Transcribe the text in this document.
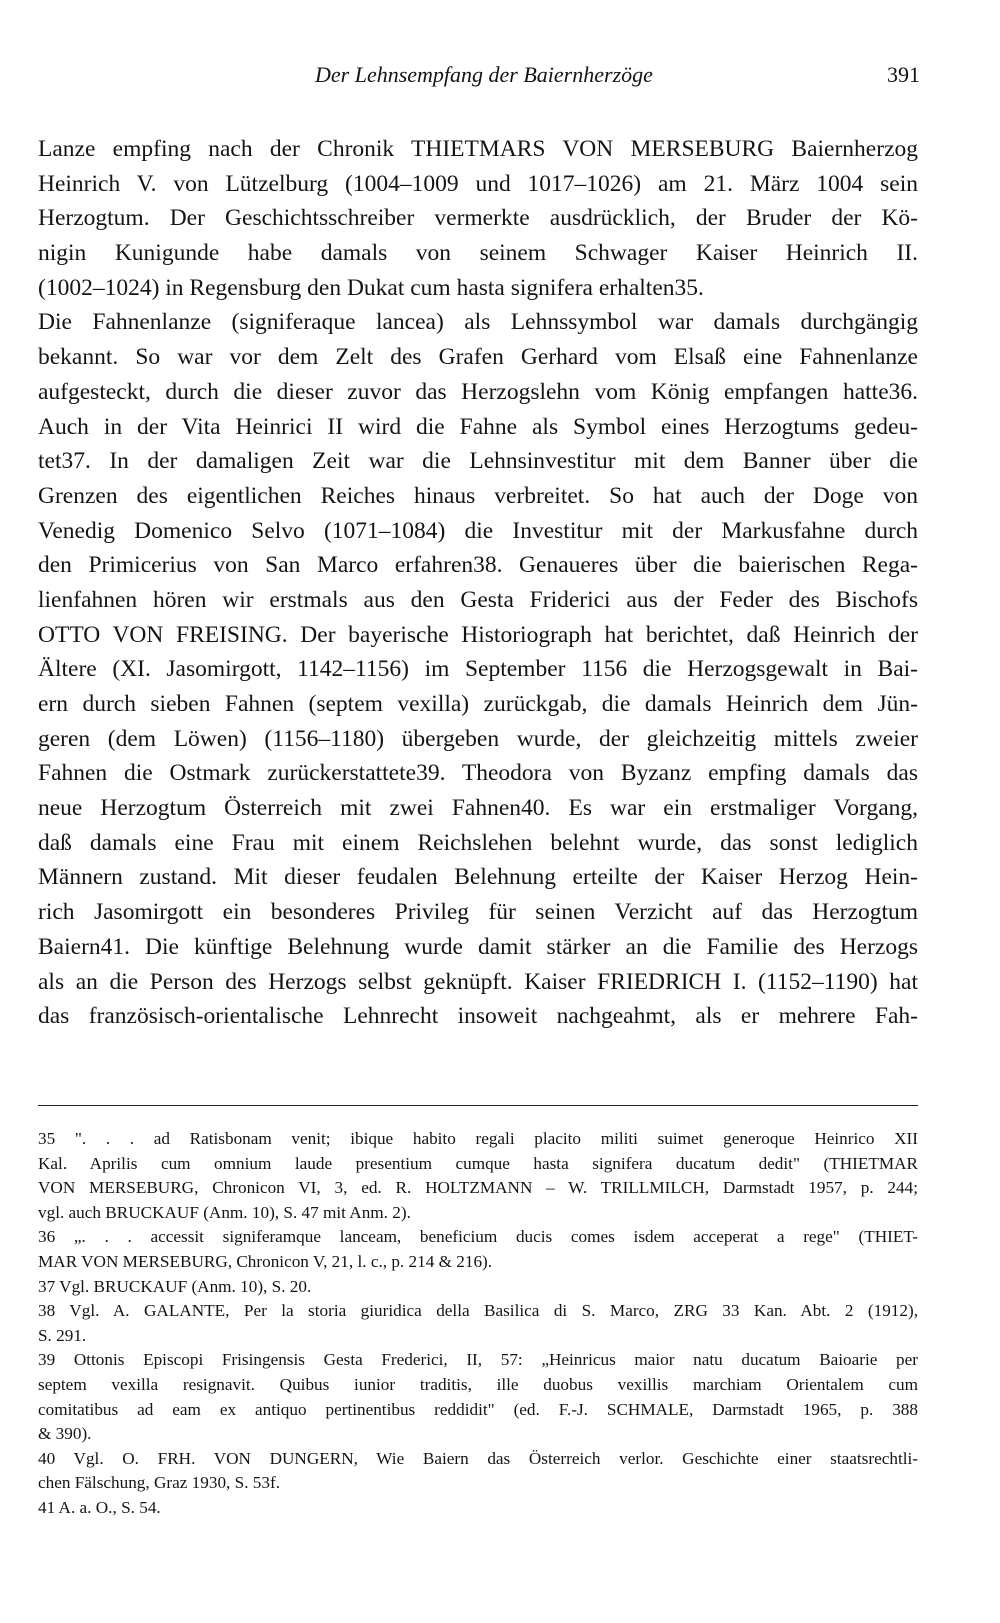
Der Lehnsempfang der Baiernherzöge	391
Lanze empfing nach der Chronik THIETMARS VON MERSEBURG Baiernherzog
Heinrich V. von Lützelburg (1004–1009 und 1017–1026) am 21. März 1004 sein
Herzogtum. Der Geschichtsschreiber vermerkte ausdrücklich, der Bruder der Kö-
nigin Kunigunde habe damals von seinem Schwager Kaiser Heinrich II.
(1002–1024) in Regensburg den Dukat cum hasta signifera erhalten35.
Die Fahnenlanze (signiferaque lancea) als Lehnssymbol war damals durchgängig
bekannt. So war vor dem Zelt des Grafen Gerhard vom Elsaß eine Fahnenlanze
aufgesteckt, durch die dieser zuvor das Herzogslehn vom König empfangen hatte36.
Auch in der Vita Heinrici II wird die Fahne als Symbol eines Herzogtums gedeu-
tet37. In der damaligen Zeit war die Lehnsinvestitur mit dem Banner über die
Grenzen des eigentlichen Reiches hinaus verbreitet. So hat auch der Doge von
Venedig Domenico Selvo (1071–1084) die Investitur mit der Markusfahne durch
den Primicerius von San Marco erfahren38. Genaueres über die baierischen Rega-
lienfahnen hören wir erstmals aus den Gesta Friderici aus der Feder des Bischofs
OTTO VON FREISING. Der bayerische Historiograph hat berichtet, daß Heinrich der
Ältere (XI. Jasomirgott, 1142–1156) im September 1156 die Herzogsgewalt in Bai-
ern durch sieben Fahnen (septem vexilla) zurückgab, die damals Heinrich dem Jün-
geren (dem Löwen) (1156–1180) übergeben wurde, der gleichzeitig mittels zweier
Fahnen die Ostmark zurückerstattete39. Theodora von Byzanz empfing damals das
neue Herzogtum Österreich mit zwei Fahnen40. Es war ein erstmaliger Vorgang,
daß damals eine Frau mit einem Reichslehen belehnt wurde, das sonst lediglich
Männern zustand. Mit dieser feudalen Belehnung erteilte der Kaiser Herzog Hein-
rich Jasomirgott ein besonderes Privileg für seinen Verzicht auf das Herzogtum
Baiern41. Die künftige Belehnung wurde damit stärker an die Familie des Herzogs
als an die Person des Herzogs selbst geknüpft. Kaiser FRIEDRICH I. (1152–1190) hat
das französisch-orientalische Lehnrecht insoweit nachgeahmt, als er mehrere Fah-
35 ". . . ad Ratisbonam venit; ibique habito regali placito militi suimet generoque Heinrico XII
Kal. Aprilis cum omnium laude presentium cumque hasta signifera ducatum dedit" (THIETMAR
VON MERSEBURG, Chronicon VI, 3, ed. R. HOLTZMANN – W. TRILLMILCH, Darmstadt 1957, p. 244;
vgl. auch BRUCKAUF (Anm. 10), S. 47 mit Anm. 2).
36 „. . . accessit signiferamque lanceam, beneficium ducis comes isdem acceperat a rege" (THIET-
MAR VON MERSEBURG, Chronicon V, 21, l. c., p. 214 & 216).
37 Vgl. BRUCKAUF (Anm. 10), S. 20.
38 Vgl. A. GALANTE, Per la storia giuridica della Basilica di S. Marco, ZRG 33 Kan. Abt. 2 (1912),
S. 291.
39 Ottonis Episcopi Frisingensis Gesta Frederici, II, 57: „Heinricus maior natu ducatum Baioarie per
septem vexilla resignavit. Quibus iunior traditis, ille duobus vexillis marchiam Orientalem cum
comitatibus ad eam ex antiquo pertinentibus reddidit" (ed. F.-J. SCHMALE, Darmstadt 1965, p. 388
& 390).
40 Vgl. O. FRH. VON DUNGERN, Wie Baiern das Österreich verlor. Geschichte einer staatsrechtli-
chen Fälschung, Graz 1930, S. 53f.
41 A. a. O., S. 54.
